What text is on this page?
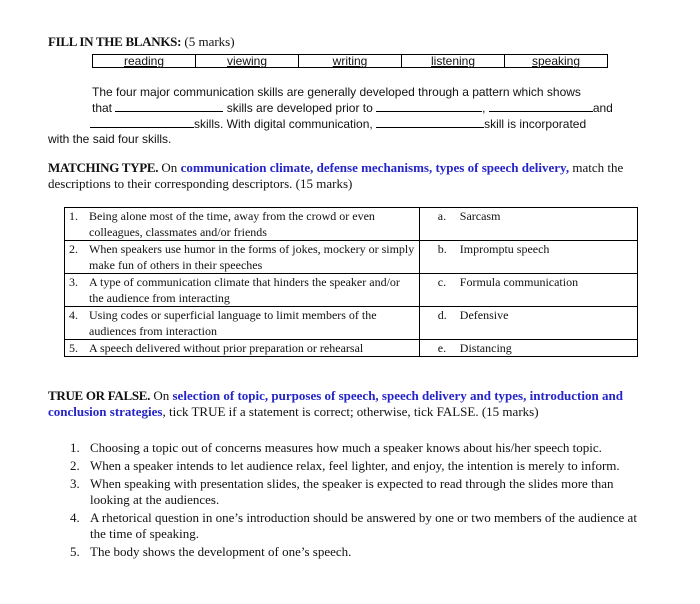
FILL IN THE BLANKS: (5 marks)
reading	viewing	writing	listening	speaking
The four major communication skills are generally developed through a pattern which shows
that	skills are developed prior to	,	and
skills. With digital communication,	skill is incorporated
with the said four skills.
MATCHING TYPE. On communication climate, defense mechanisms, types of speech delivery, match the descriptions to their corresponding descriptors. (15 marks)
1. Being alone most of the time, away from the crowd or even colleagues, classmates and/or friends	a. Sarcasm

2. When speakers use humor in the forms of jokes, mockery or simply make fun of others in their speeches	b. Impromptu speech

3. A type of communication climate that hinders the speaker and/or the audience from interacting	c. Formula communication

4. Using codes or superficial language to limit members of the audiences from interaction	d. Defensive

5. A speech delivered without prior preparation or rehearsal	e. Distancing
TRUE OR FALSE. On selection of topic, purposes of speech, speech delivery and types, introduction and conclusion strategies, tick TRUE if a statement is correct; otherwise, tick FALSE. (15 marks)
1. Choosing a topic out of concerns measures how much a speaker knows about his/her speech topic.
2. When a speaker intends to let audience relax, feel lighter, and enjoy, the intention is merely to inform.
3. When speaking with presentation slides, the speaker is expected to read through the slides more than looking at the audiences.
4. A rhetorical question in one’s introduction should be answered by one or two members of the audience at the time of speaking.
5. The body shows the development of one’s speech.
